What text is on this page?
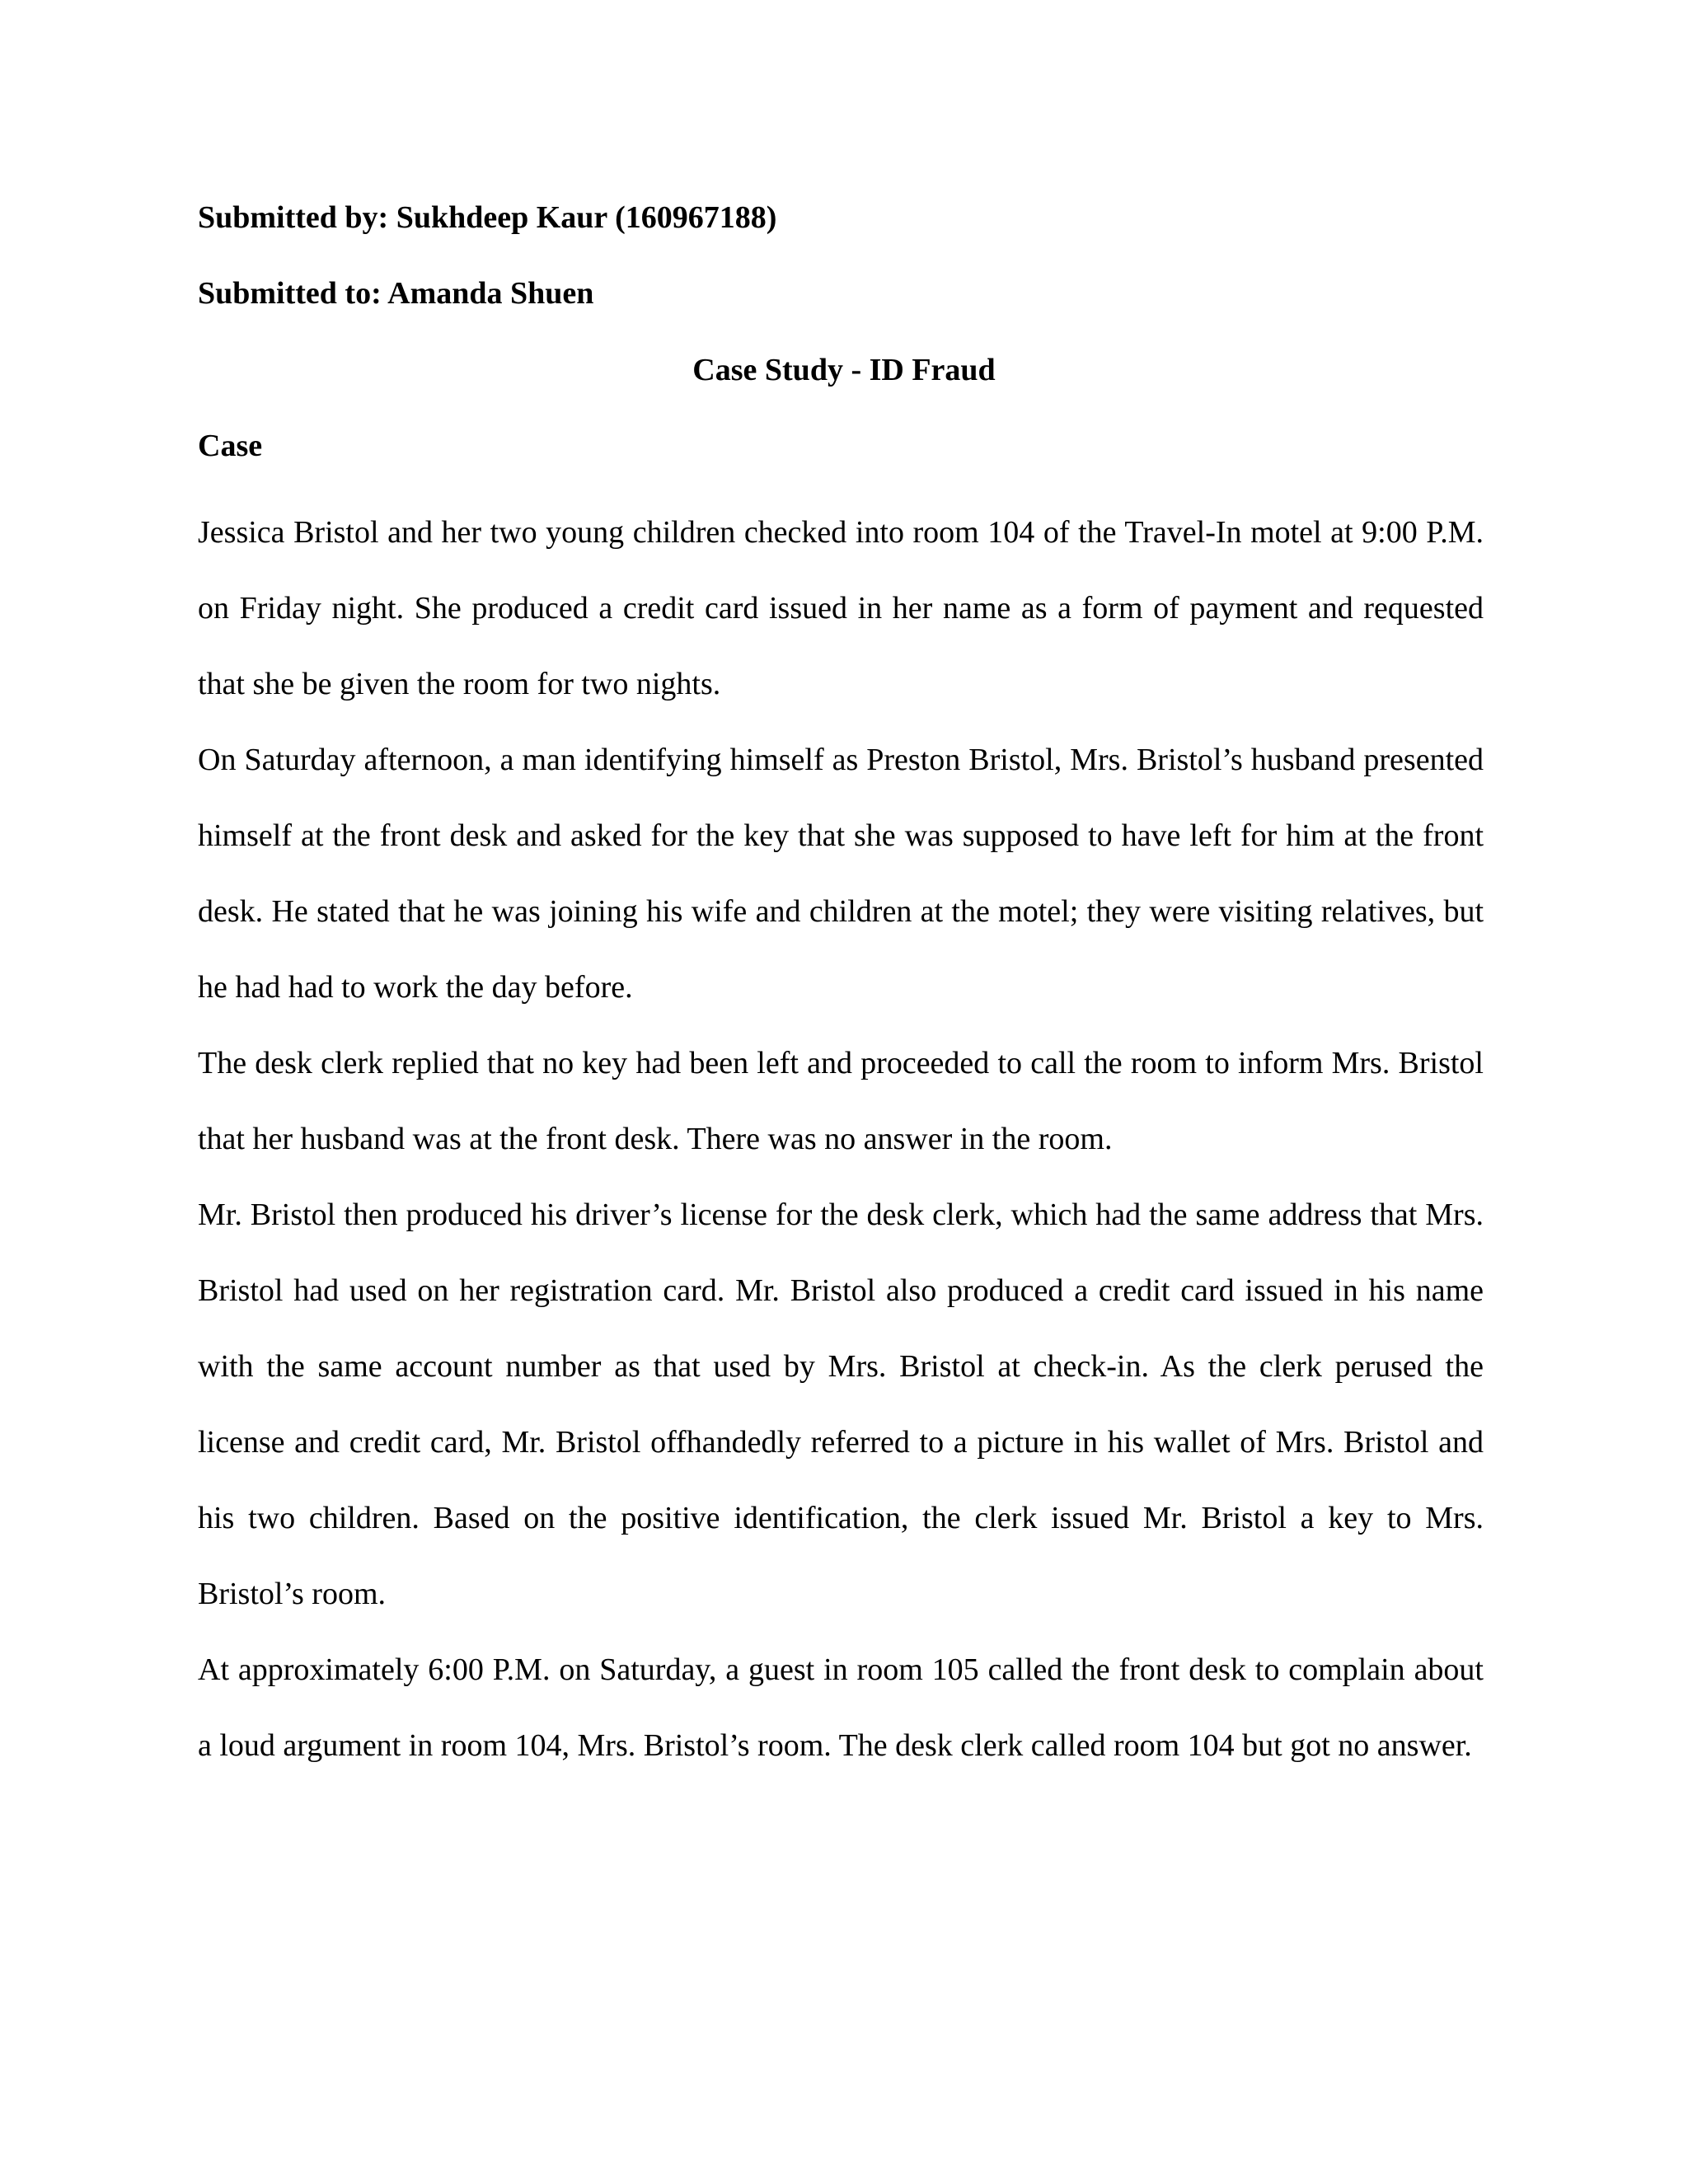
Submitted by: Sukhdeep Kaur (160967188)
Submitted to: Amanda Shuen
Case Study - ID Fraud
Case

Jessica Bristol and her two young children checked into room 104 of the Travel-In motel at 9:00 P.M. on Friday night. She produced a credit card issued in her name as a form of payment and requested that she be given the room for two nights.

On Saturday afternoon, a man identifying himself as Preston Bristol, Mrs. Bristol’s husband presented himself at the front desk and asked for the key that she was supposed to have left for him at the front desk. He stated that he was joining his wife and children at the motel; they were visiting relatives, but he had had to work the day before.

The desk clerk replied that no key had been left and proceeded to call the room to inform Mrs. Bristol that her husband was at the front desk. There was no answer in the room.

Mr. Bristol then produced his driver’s license for the desk clerk, which had the same address that Mrs. Bristol had used on her registration card. Mr. Bristol also produced a credit card issued in his name with the same account number as that used by Mrs. Bristol at check-in. As the clerk perused the license and credit card, Mr. Bristol offhandedly referred to a picture in his wallet of Mrs. Bristol and his two children. Based on the positive identification, the clerk issued Mr. Bristol a key to Mrs. Bristol’s room.

At approximately 6:00 P.M. on Saturday, a guest in room 105 called the front desk to complain about a loud argument in room 104, Mrs. Bristol’s room. The desk clerk called room 104 but got no answer.
